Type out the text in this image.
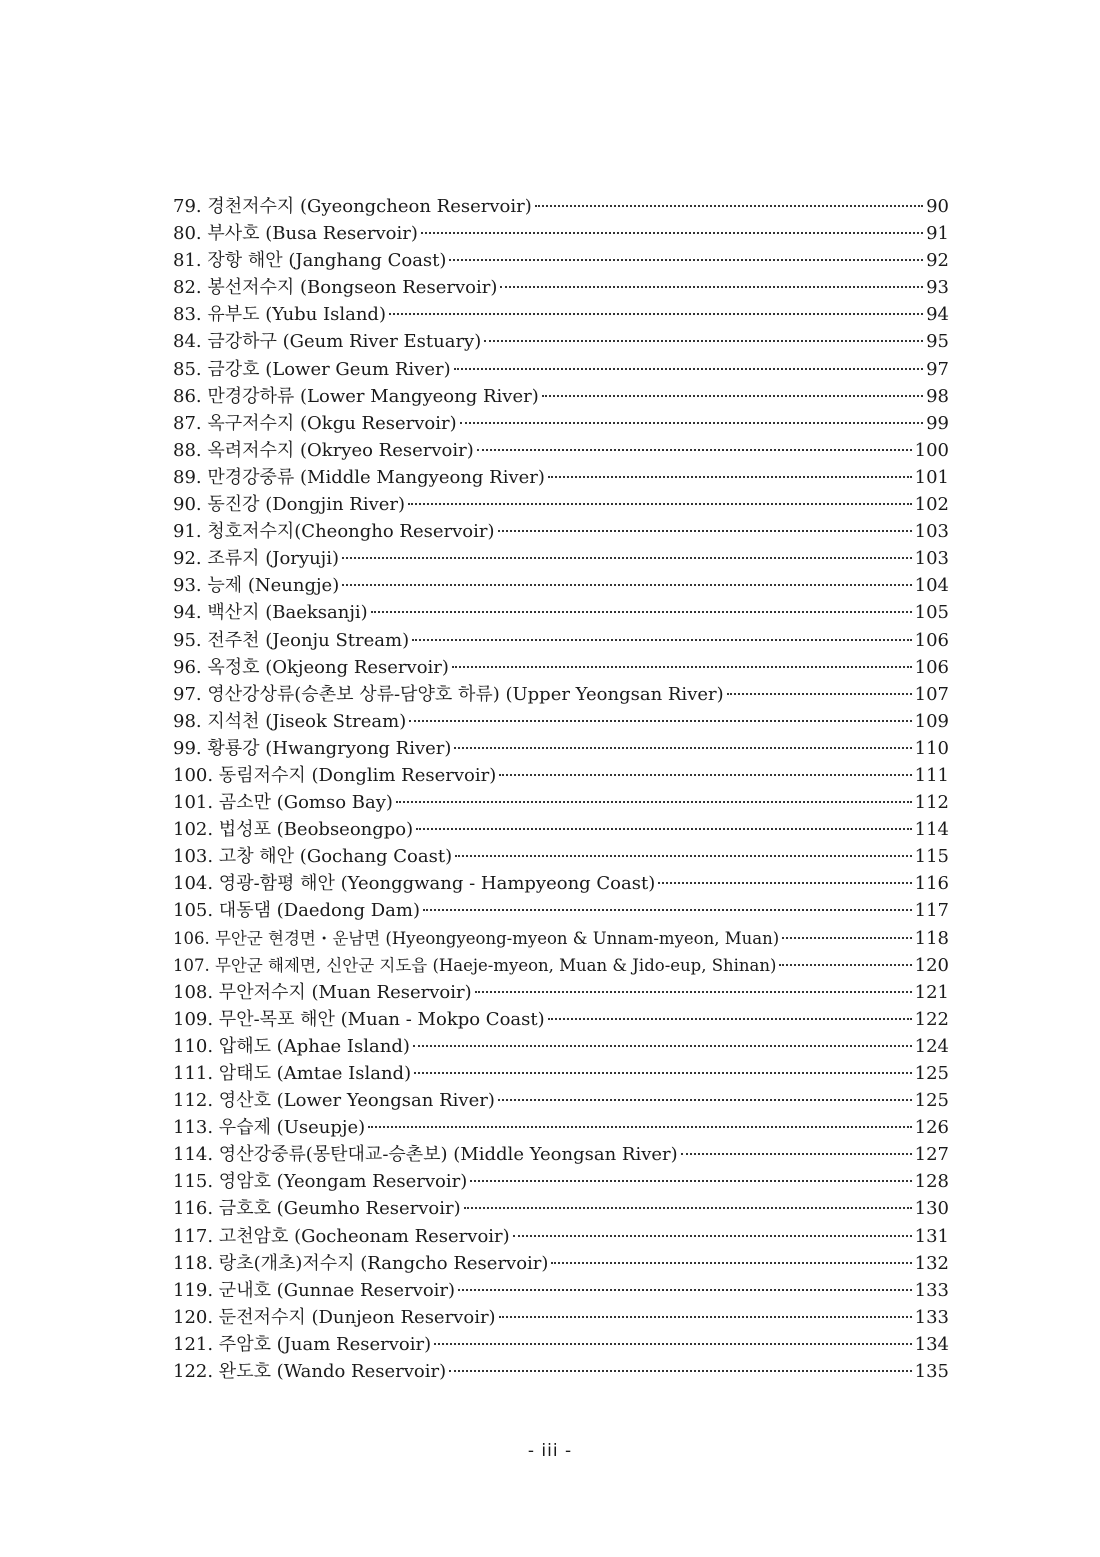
79. 경천저수지 (Gyeongcheon Reservoir)	90
80. 부사호 (Busa Reservoir)	91
81. 장항 해안 (Janghang Coast)	92
82. 봉선저수지 (Bongseon Reservoir)	93
83. 유부도 (Yubu Island)	94
84. 금강하구 (Geum River Estuary)	95
85. 금강호 (Lower Geum River)	97
86. 만경강하류 (Lower Mangyeong River)	98
87. 옥구저수지 (Okgu Reservoir)	99
88. 옥려저수지 (Okryeo Reservoir)	100
89. 만경강중류 (Middle Mangyeong River)	101
90. 동진강 (Dongjin River)	102
91. 청호저수지(Cheongho Reservoir)	103
92. 조류지 (Joryuji)	103
93. 능제 (Neungje)	104
94. 백산지 (Baeksanji)	105
95. 전주천 (Jeonju Stream)	106
96. 옥정호 (Okjeong Reservoir)	106
97. 영산강상류(승촌보 상류-담양호 하류) (Upper Yeongsan River)	107
98. 지석천 (Jiseok Stream)	109
99. 황룡강 (Hwangryong River)	110
100. 동림저수지 (Donglim Reservoir)	111
101. 곰소만 (Gomso Bay)	112
102. 법성포 (Beobseongpo)	114
103. 고창 해안 (Gochang Coast)	115
104. 영광-함평 해안 (Yeonggwang - Hampyeong Coast)	116
105. 대동댐 (Daedong Dam)	117
106. 무안군 현경면・운남면 (Hyeongyeong-myeon & Unnam-myeon, Muan)	118
107. 무안군 해제면, 신안군 지도읍 (Haeje-myeon, Muan & Jido-eup, Shinan)	120
108. 무안저수지 (Muan Reservoir)	121
109. 무안-목포 해안 (Muan - Mokpo Coast)	122
110. 압해도 (Aphae Island)	124
111. 암태도 (Amtae Island)	125
112. 영산호 (Lower Yeongsan River)	125
113. 우습제 (Useupje)	126
114. 영산강중류(몽탄대교-승촌보) (Middle Yeongsan River)	127
115. 영암호 (Yeongam Reservoir)	128
116. 금호호 (Geumho Reservoir)	130
117. 고천암호 (Gocheonam Reservoir)	131
118. 랑초(개초)저수지 (Rangcho Reservoir)	132
119. 군내호 (Gunnae Reservoir)	133
120. 둔전저수지 (Dunjeon Reservoir)	133
121. 주암호 (Juam Reservoir)	134
122. 완도호 (Wando Reservoir)	135
- iii -
